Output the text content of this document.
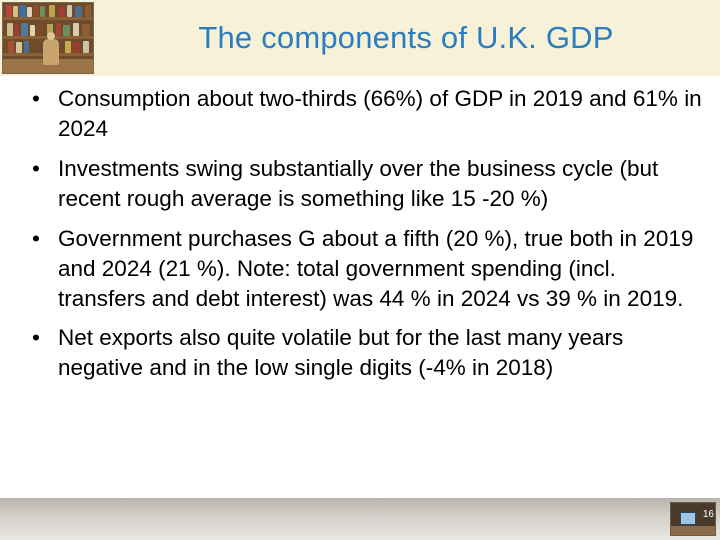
The components of U.K. GDP
• Consumption about two-thirds (66%) of GDP in 2019 and 61% in 2024
• Investments swing substantially over the business cycle (but recent rough average is something like 15 -20 %)
• Government purchases G about a fifth (20 %), true both in 2019 and 2024 (21 %). Note: total government spending (incl. transfers and debt interest) was 44 % in 2024 vs 39 % in 2019.
• Net exports also quite volatile but for the last many years negative and in the low single digits (-4% in 2018)
16
